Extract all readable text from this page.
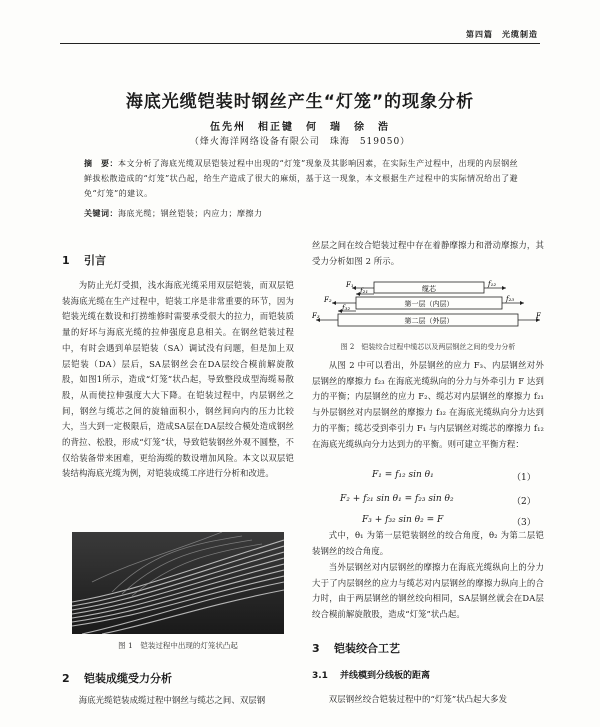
第四篇　光缆制造
海底光缆铠装时钢丝产生“灯笼”的现象分析
伍先州　相正键　何　瑞　徐　浩
（烽火海洋网络设备有限公司　珠海　519050）
摘　要：本文分析了海底光缆双层铠装过程中出现的“灯笼”现象及其影响因素，在实际生产过程中，出现的内层钢丝鲜拔松散造成的“灯笼”状凸起，给生产造成了很大的麻烦，基于这一现象，本文根据生产过程中的实际情况给出了避免“灯笼”的建议。
关键词：海底光缆；钢丝铠装；内应力；摩擦力
1 引言
为防止光灯受损，浅水海底光缆采用双层铠装，而双层铠装海底光缆在生产过程中，铠装工序是非常重要的环节，因为铠装光缆在数设和打捞维修时需要承受很大的拉力，而铠装质量的好坏与海底光缆的拉伸强度息息相关。在钢丝铠装过程中，有时会遇到单层铠装（SA）调试没有问题，但是加上双层铠装（DA）层后，SA层钢丝会在DA层绞合模前解旋散股，如图1所示，造成“灯笼”状凸起，导致整段成型海缆易散股，从而使拉伸强度大大下降。在铠装过程中，内层钢丝之间，钢丝与缆芯之间的旋轴面积小，钢丝间向内的压力比较大，当大到一定极限后，造成SA层在DA层绞合模处造成钢丝的背拉、松股，形成“灯笼”状，导致铠装钢丝外观不圆整，不仅给装备带来困难，更给海缆的数设增加风险。本文以双层铠装结构海底光缆为例，对铠装成缆工序进行分析和改进。
图 1　铠装过程中出现的灯笼状凸起
2 铠装成缆受力分析
海底光缆铠装成缆过程中钢丝与缆芯之间、双层钢
丝层之间在绞合铠装过程中存在着静摩擦力和滑动摩擦力，其受力分析如图 2 所示。
缆芯
第一层（内层）
第二层（外层）
F₁
F₂
f₁₂
f₂₁
f₂₃
f₃₂
F₃	F
图 2　铠装绞合过程中缆芯以及两层钢丝之间的受力分析
从图 2 中可以看出，外层钢丝的应力 F₃、内层钢丝对外层钢丝的摩擦力 f₂₃ 在海底光缆纵向的分力与外牵引力 F 达到力的平衡；内层钢丝的应力 F₂、缆芯对内层钢丝的摩擦力 f₂₁ 与外层钢丝对内层钢丝的摩擦力 f₃₂ 在海底光缆纵向分力达到力的平衡；缆芯受到牵引力 F₁ 与内层钢丝对缆芯的摩擦力 f₁₂ 在海底光缆纵向分力达到力的平衡。则可建立平衡方程：
F₁ = f₁₂ sin θ₁	（1）
F₂ + f₂₁ sin θ₁ = f₂₃ sin θ₂	（2）
F₃ + f₃₂ sin θ₂ = F	（3）
式中，θ₁ 为第一层铠装钢丝的绞合角度，θ₂ 为第二层铠装钢丝的绞合角度。
当外层钢丝对内层钢丝的摩擦力在海底光缆纵向上的分力大于了内层钢丝的应力与缆芯对内层钢丝的摩擦力纵向上的合力时，由于两层钢丝的钢丝绞向相同，SA层钢丝就会在DA层绞合模前解旋散股，造成“灯笼”状凸起。
3 铠装绞合工艺
3.1 并线模到分线板的距离
双层钢丝绞合铠装过程中的“灯笼”状凸起大多发
